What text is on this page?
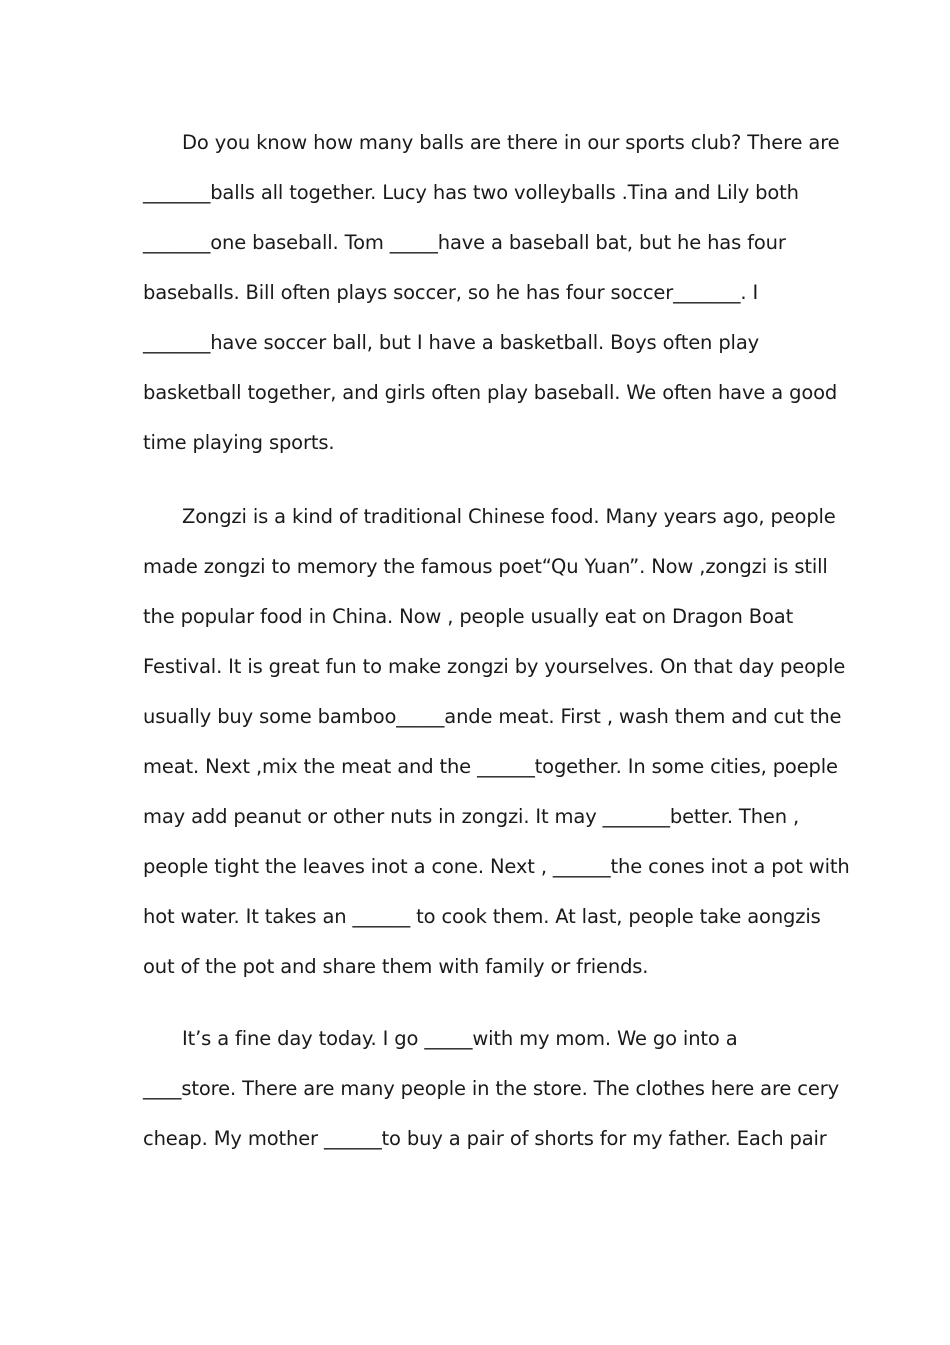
Do you know how many balls are there in our sports club? There are
_______balls all together. Lucy has two volleyballs .Tina and Lily both
_______one baseball. Tom _____have a baseball bat, but he has four
baseballs. Bill often plays soccer, so he has four soccer_______. I
_______have soccer ball, but I have a basketball. Boys often play
basketball together, and girls often play baseball. We often have a good
time playing sports.
Zongzi is a kind of traditional Chinese food. Many years ago, people
made zongzi to memory the famous poet“Qu Yuan”. Now ,zongzi is still
the popular food in China. Now , people usually eat on Dragon Boat
Festival. It is great fun to make zongzi by yourselves. On that day people
usually buy some bamboo_____ande meat. First , wash them and cut the
meat. Next ,mix the meat and the ______together. In some cities, poeple
may add peanut or other nuts in zongzi. It may _______better. Then ,
people tight the leaves inot a cone. Next , ______the cones inot a pot with
hot water. It takes an ______ to cook them. At last, people take aongzis
out of the pot and share them with family or friends.
It’s a fine day today. I go _____with my mom. We go into a
____store. There are many people in the store. The clothes here are cery
cheap. My mother ______to buy a pair of shorts for my father. Each pair
